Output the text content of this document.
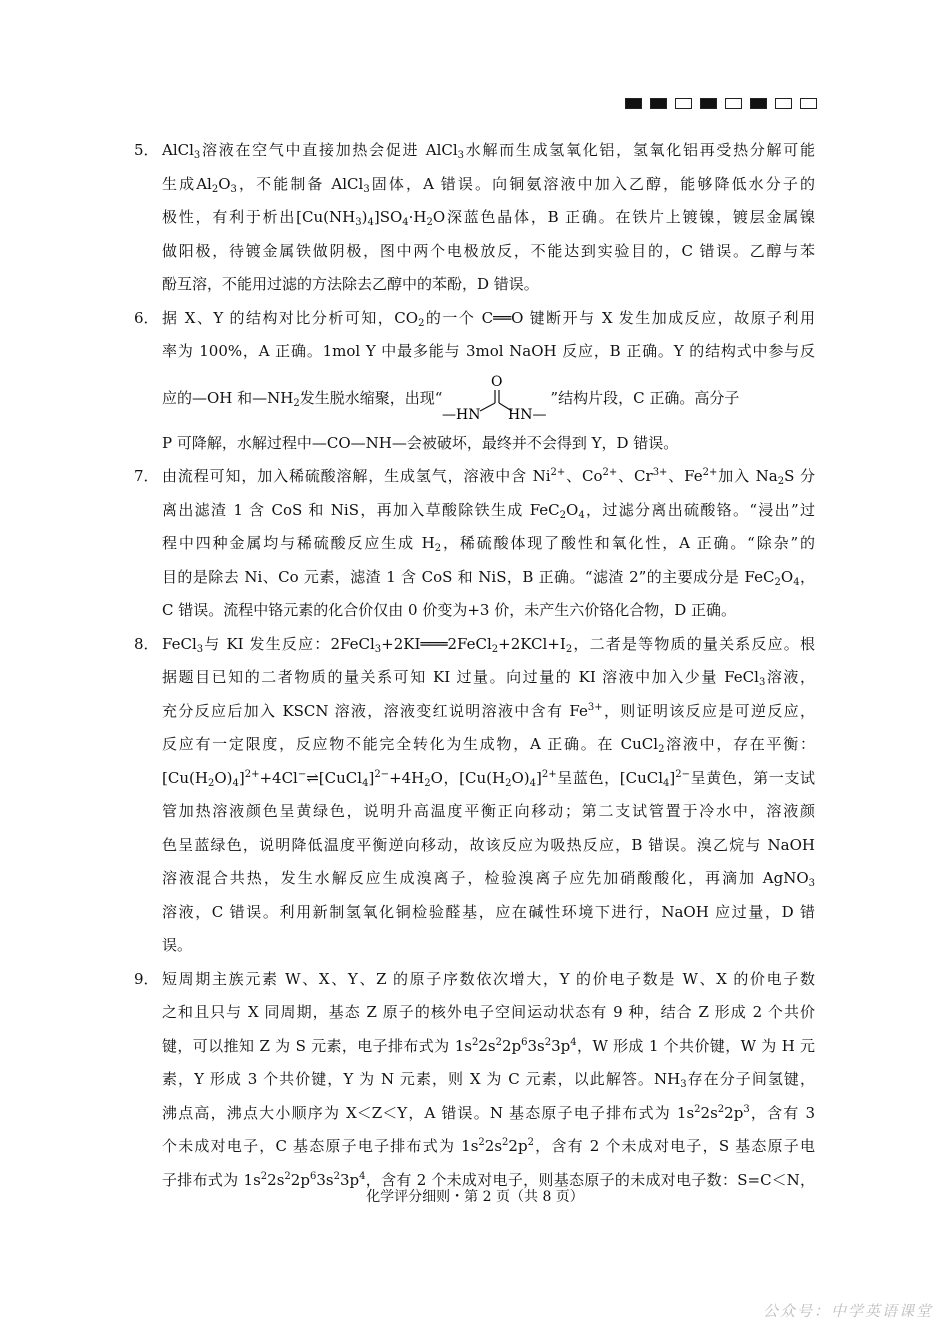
5． AlCl$_3$溶液在空气中直接加热会促进 AlCl$_3$水解而生成氢氧化铝，氢氧化铝再受热分解可能
生成$Al_2O_3$，不能制备 AlCl$_3$固体，A 错误。向铜氨溶液中加入乙醇，能够降低水分子的
极性，有利于析出$[Cu(NH_3)_4]SO_4\cdot H_2O$深蓝色晶体，B 正确。在铁片上镀镍，镀层金属镍
做阳极，待镀金属铁做阴极，图中两个电极放反，不能达到实验目的，C 错误。乙醇与苯
酚互溶，不能用过滤的方法除去乙醇中的苯酚，D 错误。
6． 据 X、Y 的结构对比分析可知，$CO_2$的一个 C══O 键断开与 X 发生加成反应，故原子利用
率为 100%，A 正确。1mol Y 中最多能与 3mol NaOH 反应，B 正确。Y 的结构式中参与反
应的—OH 和$—NH_2$发生脱水缩聚，出现“
O
—HN HN—
”结构片段，C 正确。高分子
P 可降解，水解过程中—CO—NH—会被破坏，最终并不会得到 Y，D 错误。
7． 由流程可知，加入稀硫酸溶解，生成氢气，溶液中含 $Ni^{2+}$、$Co^{2+}$、$Cr^{3+}$、$Fe^{2+}$加入 $Na_2S$ 分
离出滤渣 1 含 CoS 和 NiS，再加入草酸除铁生成 $FeC_2O_4$，过滤分离出硫酸铬。“浸出”过
程中四种金属均与稀硫酸反应生成 $H_2$，稀硫酸体现了酸性和氧化性，A 正确。“除杂”的
目的是除去 Ni、Co 元素，滤渣 1 含 CoS 和 NiS，B 正确。“滤渣 2”的主要成分是 $FeC_2O_4$，
C 错误。流程中铬元素的化合价仅由 0 价变为+3 价，未产生六价铬化合物，D 正确。
8． FeCl$_3$与 KI 发生反应：$2FeCl_3+2KI═══2FeCl_2+2KCl+I_2$，二者是等物质的量关系反应。根
据题目已知的二者物质的量关系可知 KI 过量。向过量的 KI 溶液中加入少量 FeCl$_3$溶液，
充分反应后加入 KSCN 溶液，溶液变红说明溶液中含有 $Fe^{3+}$，则证明该反应是可逆反应，
反应有一定限度，反应物不能完全转化为生成物，A 正确。在 CuCl$_2$溶液中，存在平衡：
$[Cu(H_2O)_4]^{2+}+4Cl^-\rightleftharpoons[CuCl_4]^{2-}+4H_2O$，$[Cu(H_2O)_4]^{2+}$呈蓝色，[CuCl$_4$]$^{2-}$呈黄色，第一支试
管加热溶液颜色呈黄绿色，说明升高温度平衡正向移动；第二支试管置于冷水中，溶液颜
色呈蓝绿色，说明降低温度平衡逆向移动，故该反应为吸热反应，B 错误。溴乙烷与 NaOH
溶液混合共热，发生水解反应生成溴离子，检验溴离子应先加硝酸酸化，再滴加 AgNO$_3$
溶液，C 错误。利用新制氢氧化铜检验醛基，应在碱性环境下进行，NaOH 应过量，D 错
误。
9． 短周期主族元素 W、X、Y、Z 的原子序数依次增大，Y 的价电子数是 W、X 的价电子数
之和且只与 X 同周期，基态 Z 原子的核外电子空间运动状态有 9 种，结合 Z 形成 2 个共价
键，可以推知 Z 为 S 元素，电子排布式为 $1s^22s^22p^63s^23p^4$，W 形成 1 个共价键，W 为 H 元
素，Y 形成 3 个共价键，Y 为 N 元素，则 X 为 C 元素，以此解答。$NH_3$存在分子间氢键，
沸点高，沸点大小顺序为 X＜Z＜Y，A 错误。N 基态原子电子排布式为 $1s^22s^22p^3$，含有 3
个未成对电子，C 基态原子电子排布式为 $1s^22s^22p^2$，含有 2 个未成对电子，S 基态原子电
子排布式为 $1s^22s^22p^63s^23p^4$，含有 2 个未成对电子，则基态原子的未成对电子数：S=C＜N，
化学评分细则・第 2 页（共 8 页）
公众号：中学英语课堂
